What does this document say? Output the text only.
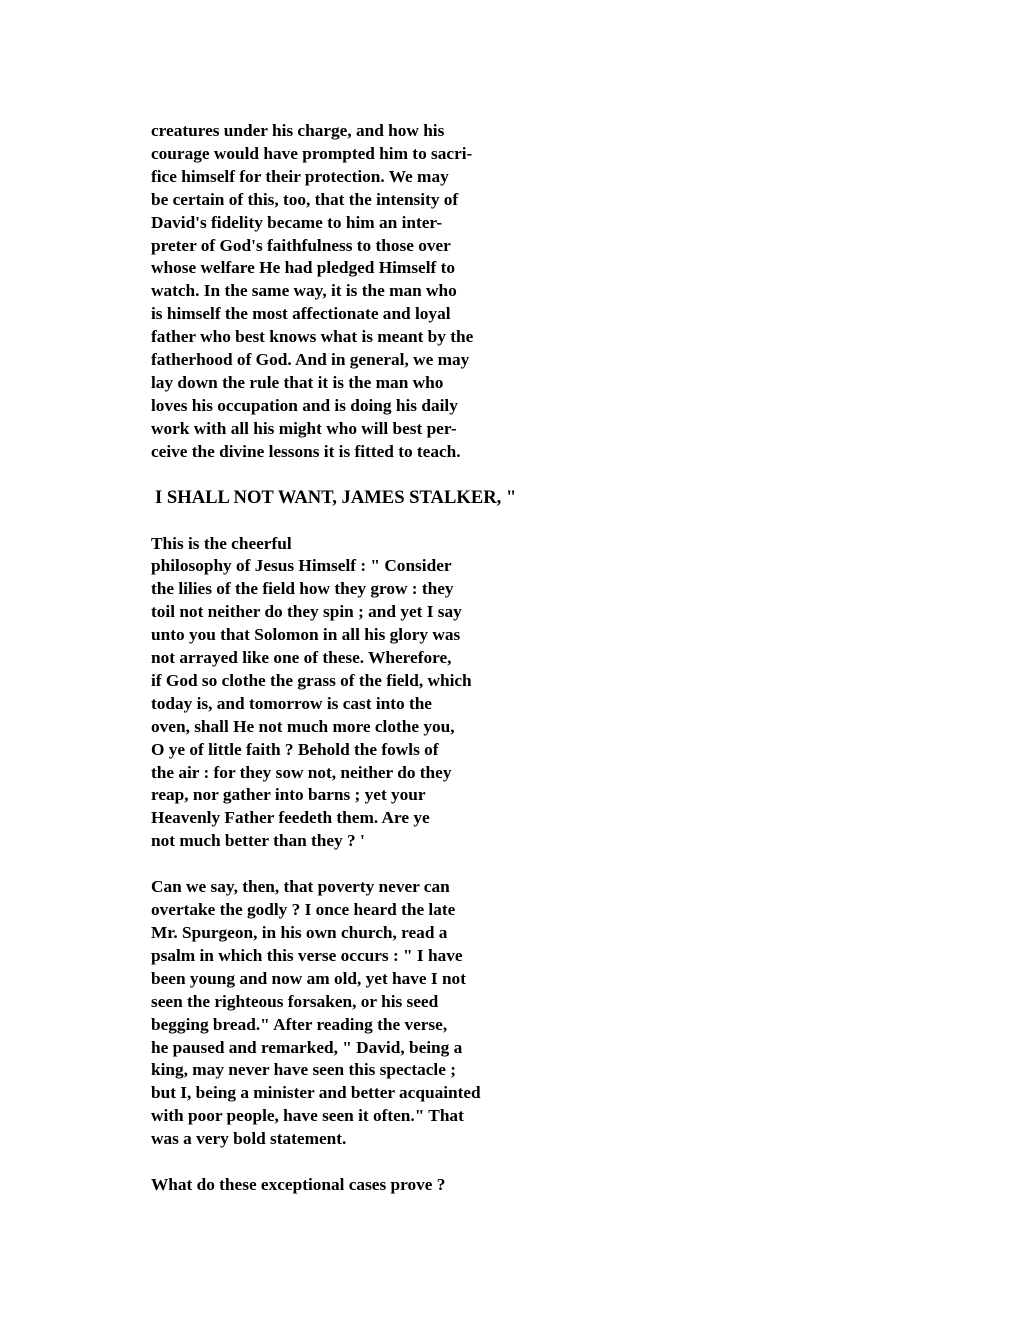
creatures under his charge, and how his
courage would have prompted him to sacri-
fice himself for their protection. We may
be certain of this, too, that the intensity of
David's fidelity became to him an inter-
preter of God's faithfulness to those over
whose welfare He had pledged Himself to
watch. In the same way, it is the man who
is himself the most affectionate and loyal
father who best knows what is meant by the
fatherhood of God. And in general, we may
lay down the rule that it is the man who
loves his occupation and is doing his daily
work with all his might who will best per-
ceive the divine lessons it is fitted to teach.
I SHALL NOT WANT, JAMES STALKER, "
This is the cheerful
philosophy of Jesus Himself : " Consider
the lilies of the field how they grow : they
toil not neither do they spin ; and yet I say
unto you that Solomon in all his glory was
not arrayed like one of these. Wherefore,
if God so clothe the grass of the field, which
today is, and tomorrow is cast into the
oven, shall He not much more clothe you,
O ye of little faith ? Behold the fowls of
the air : for they sow not, neither do they
reap, nor gather into barns ; yet your
Heavenly Father feedeth them. Are ye
not much better than they ? '
Can we say, then, that poverty never can
overtake the godly ? I once heard the late
Mr. Spurgeon, in his own church, read a
psalm in which this verse occurs : " I have
been young and now am old, yet have I not
seen the righteous forsaken, or his seed
begging bread." After reading the verse,
he paused and remarked, " David, being a
king, may never have seen this spectacle ;
but I, being a minister and better acquainted
with poor people, have seen it often." That
was a very bold statement.
What do these exceptional cases prove ?
